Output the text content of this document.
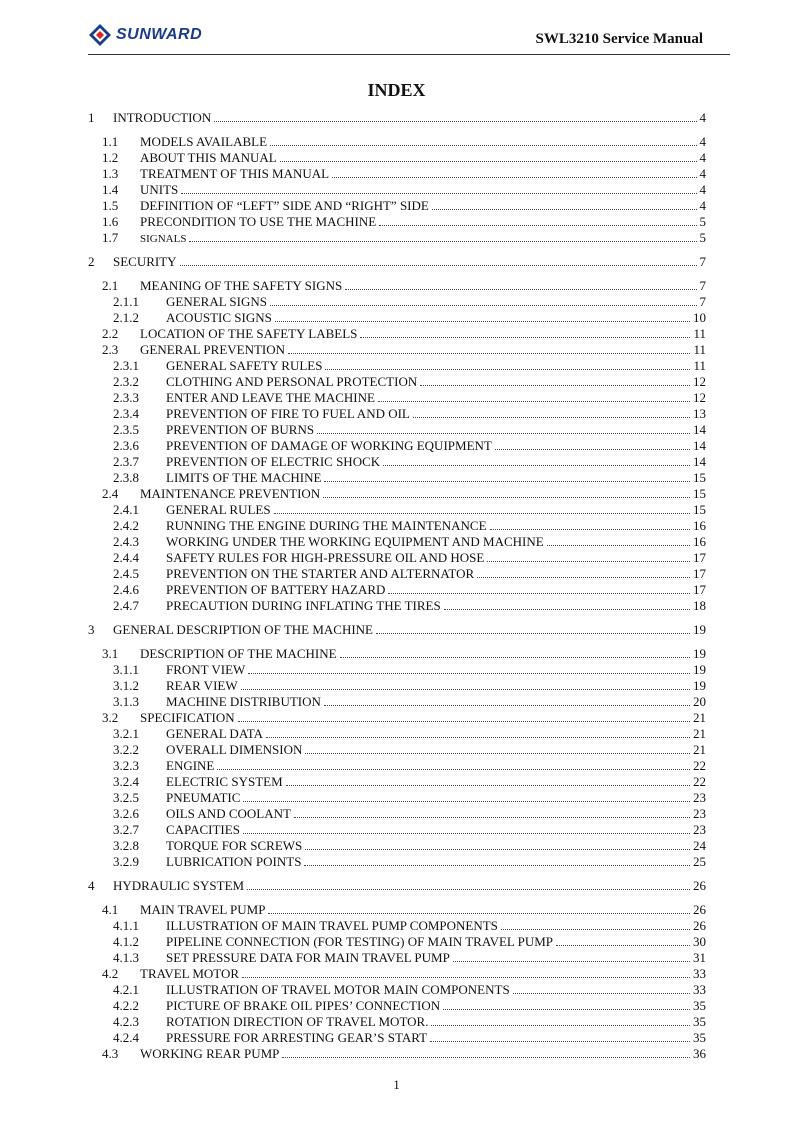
SUNWARD	SWL3210 Service Manual
INDEX
1 INTRODUCTION	4
1.1 MODELS AVAILABLE	4
1.2 ABOUT THIS MANUAL	4
1.3 TREATMENT OF THIS MANUAL	4
1.4 UNITS	4
1.5 DEFINITION OF “LEFT” SIDE AND “RIGHT” SIDE	4
1.6 PRECONDITION TO USE THE MACHINE	5
1.7 SIGNALS	5
2 SECURITY	7
2.1 MEANING OF THE SAFETY SIGNS	7
2.1.1 GENERAL SIGNS	7
2.1.2 ACOUSTIC SIGNS	10
2.2 LOCATION OF THE SAFETY LABELS	11
2.3 GENERAL PREVENTION	11
2.3.1 GENERAL SAFETY RULES	11
2.3.2 CLOTHING AND PERSONAL PROTECTION	12
2.3.3 ENTER AND LEAVE THE MACHINE	12
2.3.4 PREVENTION OF FIRE TO FUEL AND OIL	13
2.3.5 PREVENTION OF BURNS	14
2.3.6 PREVENTION OF DAMAGE OF WORKING EQUIPMENT	14
2.3.7 PREVENTION OF ELECTRIC SHOCK	14
2.3.8 LIMITS OF THE MACHINE	15
2.4 MAINTENANCE PREVENTION	15
2.4.1 GENERAL RULES	15
2.4.2 RUNNING THE ENGINE DURING THE MAINTENANCE	16
2.4.3 WORKING UNDER THE WORKING EQUIPMENT AND MACHINE	16
2.4.4 SAFETY RULES FOR HIGH-PRESSURE OIL AND HOSE	17
2.4.5 PREVENTION ON THE STARTER AND ALTERNATOR	17
2.4.6 PREVENTION OF BATTERY HAZARD	17
2.4.7 PRECAUTION DURING INFLATING THE TIRES	18
3 GENERAL DESCRIPTION OF THE MACHINE	19
3.1 DESCRIPTION OF THE MACHINE	19
3.1.1 FRONT VIEW	19
3.1.2 REAR VIEW	19
3.1.3 MACHINE DISTRIBUTION	20
3.2 SPECIFICATION	21
3.2.1 GENERAL DATA	21
3.2.2 OVERALL DIMENSION	21
3.2.3 ENGINE	22
3.2.4 ELECTRIC SYSTEM	22
3.2.5 PNEUMATIC	23
3.2.6 OILS AND COOLANT	23
3.2.7 CAPACITIES	23
3.2.8 TORQUE FOR SCREWS	24
3.2.9 LUBRICATION POINTS	25
4 HYDRAULIC SYSTEM	26
4.1 MAIN TRAVEL PUMP	26
4.1.1 ILLUSTRATION OF MAIN TRAVEL PUMP COMPONENTS	26
4.1.2 PIPELINE CONNECTION (FOR TESTING) OF MAIN TRAVEL PUMP	30
4.1.3 SET PRESSURE DATA FOR MAIN TRAVEL PUMP	31
4.2 TRAVEL MOTOR	33
4.2.1 ILLUSTRATION OF TRAVEL MOTOR MAIN COMPONENTS	33
4.2.2 PICTURE OF BRAKE OIL PIPES’ CONNECTION	35
4.2.3 ROTATION DIRECTION OF TRAVEL MOTOR.	35
4.2.4 PRESSURE FOR ARRESTING GEAR’S START	35
4.3 WORKING REAR PUMP	36
1
